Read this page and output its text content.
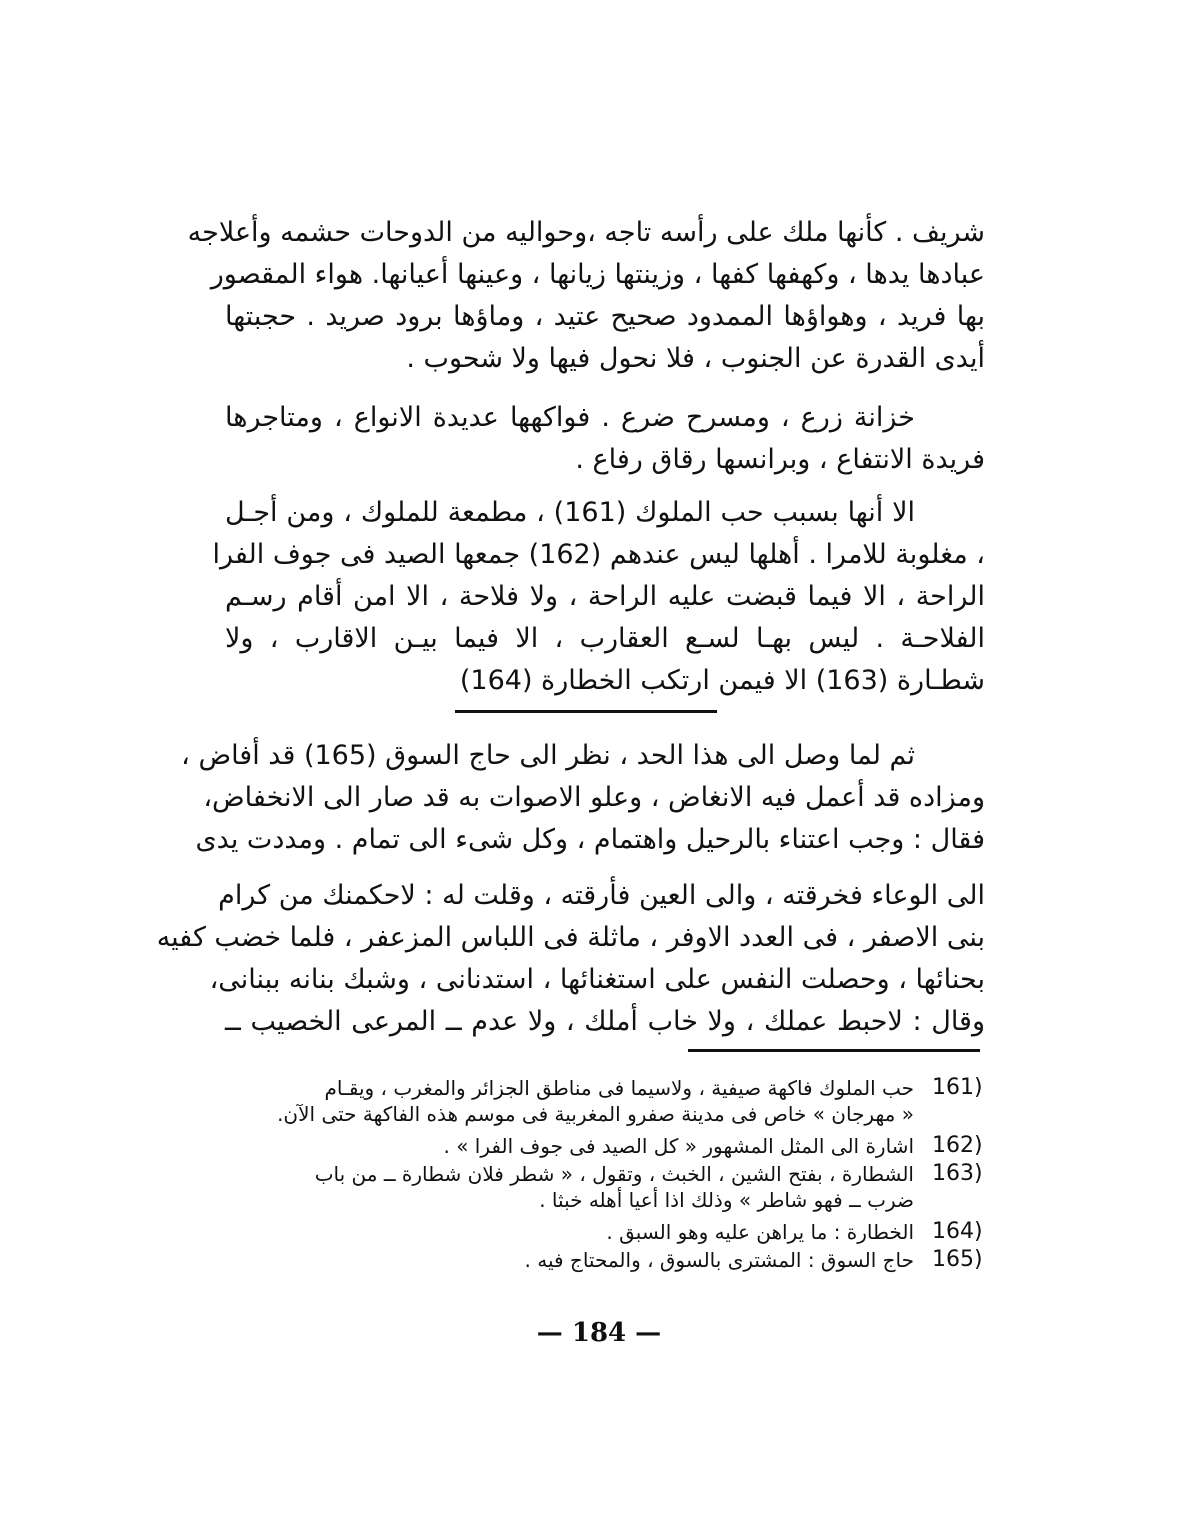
شريف . كأنها ملك على رأسه تاجه ،وحواليه من الدوحات حشمه وأعلاجه
عبادها يدها ، وكهفها كفها ، وزينتها زيانها ، وعينها أعيانها. هواء المقصور
بها فريد ، وهواؤها الممدود صحيح عتيد ، وماؤها برود صريد . حجبتها
أيدى القدرة عن الجنوب ، فلا نحول فيها ولا شحوب .
خزانة زرع ، ومسرح ضرع . فواكهها عديدة الانواع ، ومتاجرها
فريدة الانتفاع ، وبرانسها رقاق رفاع .
الا أنها بسبب حب الملوك (161) ، مطمعة للملوك ، ومن أجـل
، مغلوبة للامرا . أهلها ليس عندهم (162) جمعها الصيد فى جوف الفرا
الراحة ، الا فيما قبضت عليه الراحة ، ولا فلاحة ، الا امن أقام رسـم
الفلاحـة . ليس بهـا لسـع العقارب ، الا فيما بيـن الاقارب ، ولا
شطـارة (163) الا فيمن ارتكب الخطارة (164)
ثم لما وصل الى هذا الحد ، نظر الى حاج السوق (165) قد أفاض ،
ومزاده قد أعمل فيه الانغاض ، وعلو الاصوات به قد صار الى الانخفاض،
فقال : وجب اعتناء بالرحيل واهتمام ، وكل شىء الى تمام . ومددت يدى
الى الوعاء فخرقته ، والى العين فأرقته ، وقلت له : لاحكمنك من كرام
بنى الاصفر ، فى العدد الاوفر ، ماثلة فى اللباس المزعفر ، فلما خضب كفيه
بحنائها ، وحصلت النفس على استغنائها ، استدنانى ، وشبك بنانه ببنانى،
وقال : لاحبط عملك ، ولا خاب أملك ، ولا عدم ــ المرعى الخصيب ــ
161)
حب الملوك فاكهة صيفية ، ولاسيما فى مناطق الجزائر والمغرب ، ويقـام
« مهرجان » خاص فى مدينة صفرو المغربية فى موسم هذه الفاكهة حتى الآن.
162)
اشارة الى المثل المشهور « كل الصيد فى جوف الفرا » .
163)
الشطارة ، بفتح الشين ، الخبث ، وتقول ، « شطر فلان شطارة ــ من باب
ضرب ــ فهو شاطر » وذلك اذا أعيا أهله خبثا .
164)
الخطارة : ما يراهن عليه وهو السبق .
165)
حاج السوق : المشترى بالسوق ، والمحتاج فيه .
— 184 —
